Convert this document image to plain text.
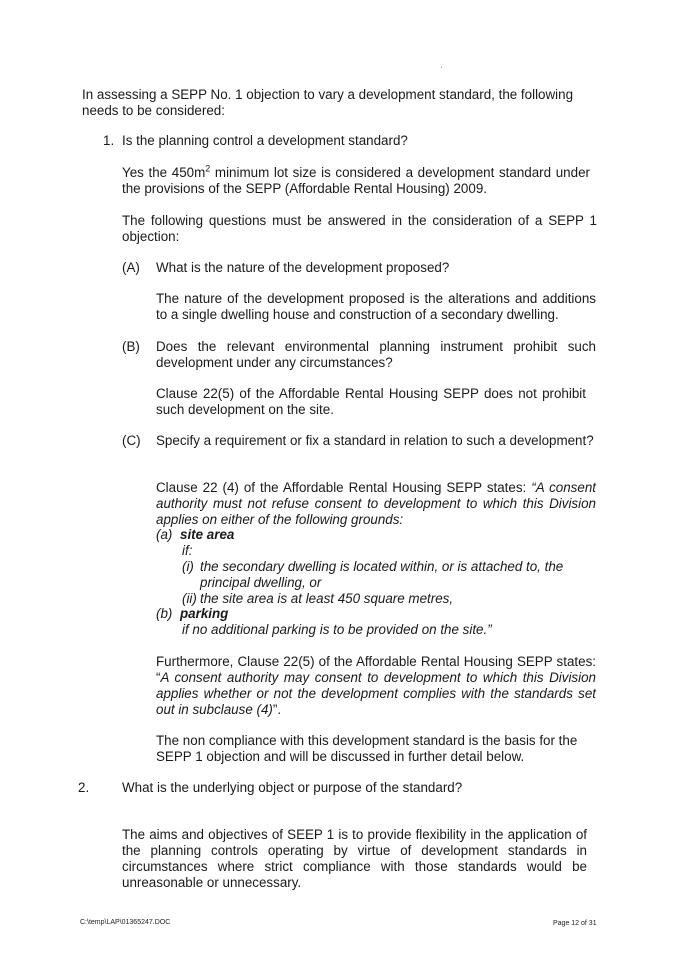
In assessing a SEPP No. 1 objection to vary a development standard, the following needs to be considered:

1. Is the planning control a development standard?

Yes the $450m^2$ minimum lot size is considered a development standard under the provisions of the SEPP (Affordable Rental Housing) 2009.

The following questions must be answered in the consideration of a SEPP 1 objection:

(A) What is the nature of the development proposed?

The nature of the development proposed is the alterations and additions to a single dwelling house and construction of a secondary dwelling.

(B) Does the relevant environmental planning instrument prohibit such development under any circumstances?

Clause 22(5) of the Affordable Rental Housing SEPP does not prohibit such development on the site.

(C) Specify a requirement or fix a standard in relation to such a development?

Clause 22 (4) of the Affordable Rental Housing SEPP states: “A consent authority must not refuse consent to development to which this Division applies on either of the following grounds:

(a) site area
if:
(i) the secondary dwelling is located within, or is attached to, the principal dwelling, or

(ii) the site area is at least 450 square metres,
(b) parking
if no additional parking is to be provided on the site.”

Furthermore, Clause 22(5) of the Affordable Rental Housing SEPP states: “A consent authority may consent to development to which this Division applies whether or not the development complies with the standards set out in subclause (4)”.

The non compliance with this development standard is the basis for the SEPP 1 objection and will be discussed in further detail below.

2. What is the underlying object or purpose of the standard?

The aims and objectives of SEEP 1 is to provide flexibility in the application of the planning controls operating by virtue of development standards in circumstances where strict compliance with those standards would be unreasonable or unnecessary.

C:\temp\LAP\01365247.DOC	Page 12 of 31
